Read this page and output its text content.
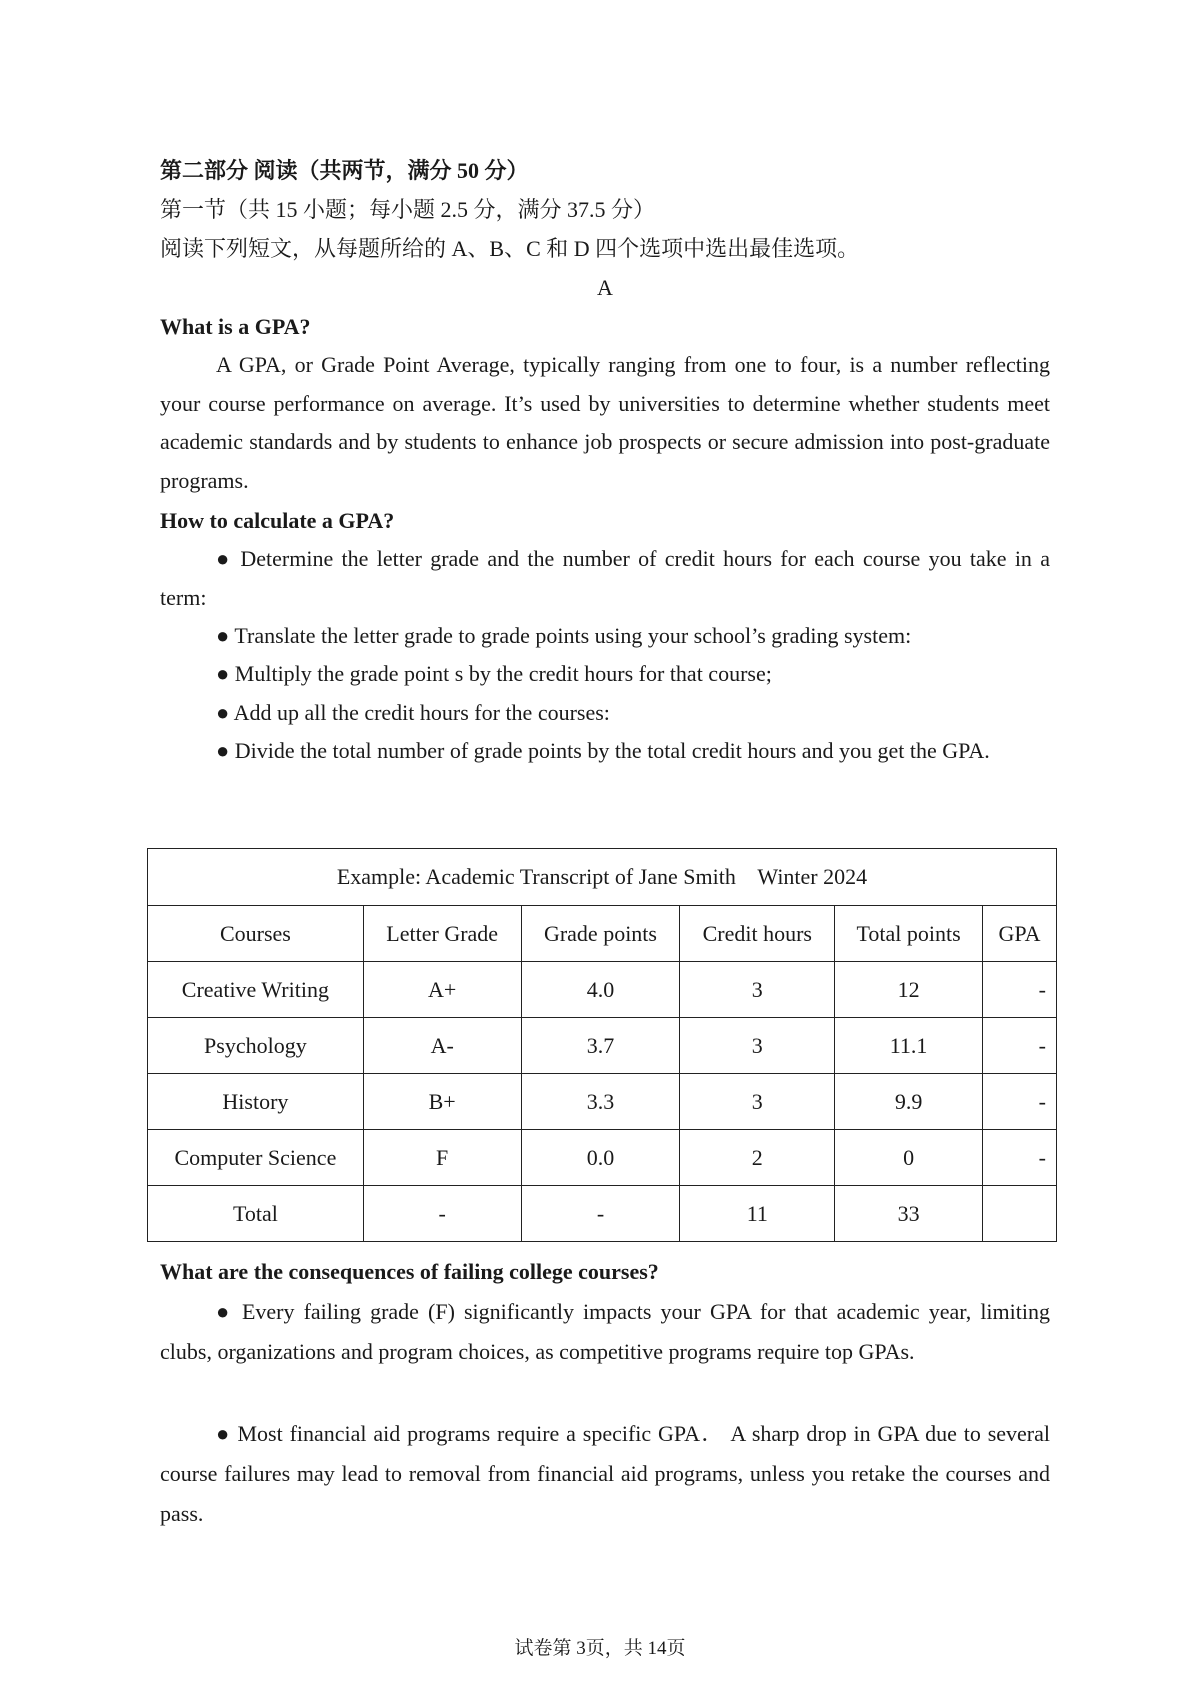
第二部分 阅读（共两节，满分 50 分）
第一节（共 15 小题；每小题 2.5 分，满分 37.5 分）
阅读下列短文，从每题所给的 A、B、C 和 D 四个选项中选出最佳选项。
A
What is a GPA?
A GPA, or Grade Point Average, typically ranging from one to four, is a number reflecting your course performance on average. It’s used by universities to determine whether students meet academic standards and by students to enhance job prospects or secure admission into post-graduate programs.
How to calculate a GPA?
● Determine the letter grade and the number of credit hours for each course you take in a term:
● Translate the letter grade to grade points using your school’s grading system:
● Multiply the grade point s by the credit hours for that course;
● Add up all the credit hours for the courses:
● Divide the total number of grade points by the total credit hours and you get the GPA.
Example: Academic Transcript of Jane Smith    Winter 2024					
Courses	Letter Grade	Grade points	Credit hours	Total points	GPA
Creative Writing	A+	4.0	3	12	-
Psychology	A-	3.7	3	11.1	-
History	B+	3.3	3	9.9	-
Computer Science	F	0.0	2	0	-
Total	-	-	11	33	
What are the consequences of failing college courses?
● Every failing grade (F) significantly impacts your GPA for that academic year, limiting clubs, organizations and program choices, as competitive programs require top GPAs.
● Most financial aid programs require a specific GPA． A sharp drop in GPA due to several course failures may lead to removal from financial aid programs, unless you retake the courses and pass.
试卷第 3页，共 14页
